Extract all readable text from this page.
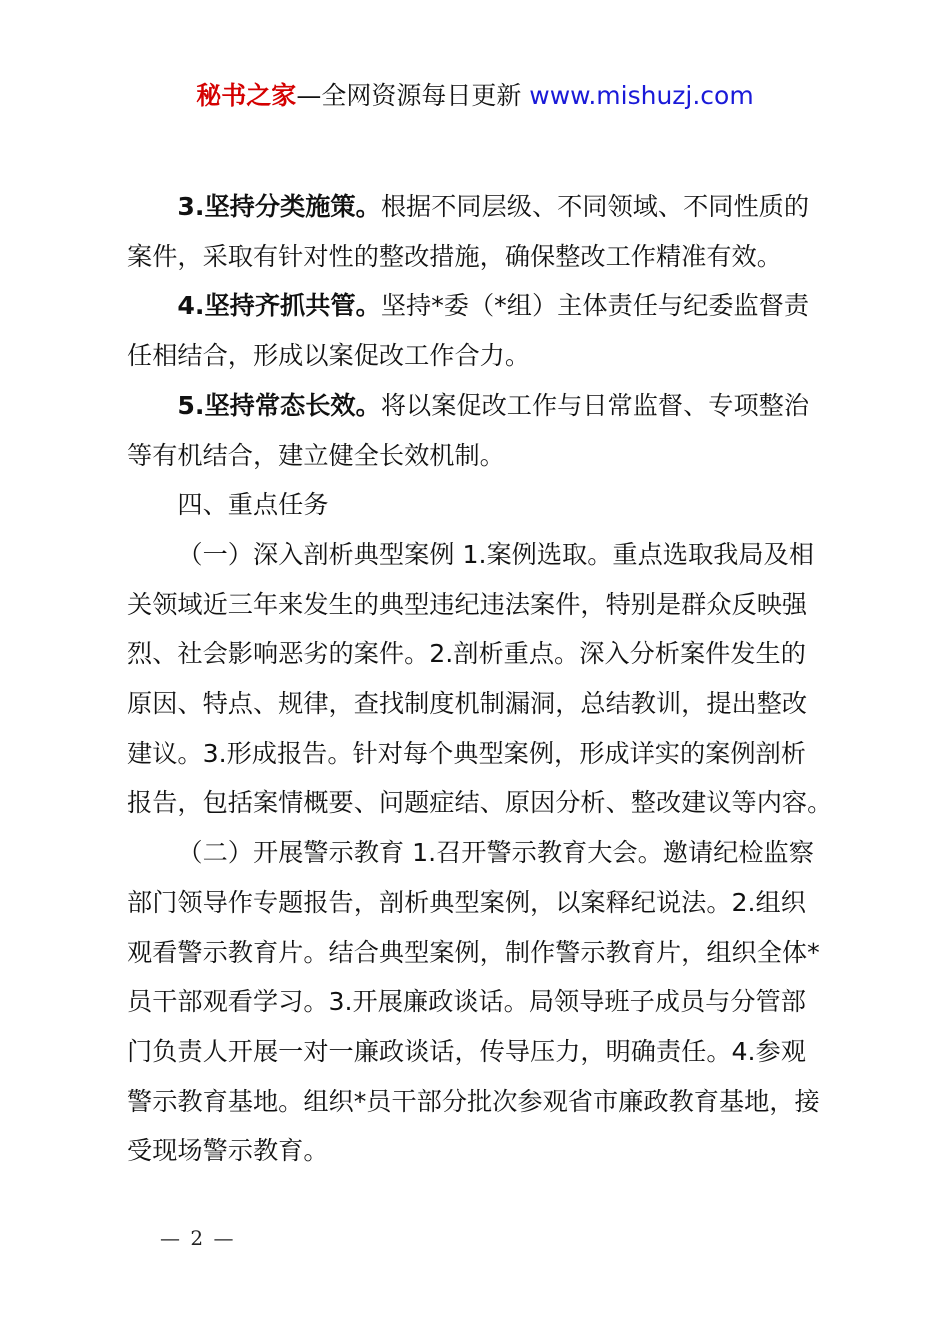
秘书之家—全网资源每日更新 www.mishuzj.com

3.坚持分类施策。根据不同层级、不同领域、不同性质的
案件，采取有针对性的整改措施，确保整改工作精准有效。

4.坚持齐抓共管。坚持*委（*组）主体责任与纪委监督责
任相结合，形成以案促改工作合力。

5.坚持常态长效。将以案促改工作与日常监督、专项整治
等有机结合，建立健全长效机制。

四、重点任务

（一）深入剖析典型案例 1.案例选取。重点选取我局及相
关领域近三年来发生的典型违纪违法案件，特别是群众反映强
烈、社会影响恶劣的案件。2.剖析重点。深入分析案件发生的
原因、特点、规律，查找制度机制漏洞，总结教训，提出整改
建议。3.形成报告。针对每个典型案例，形成详实的案例剖析
报告，包括案情概要、问题症结、原因分析、整改建议等内容。

（二）开展警示教育 1.召开警示教育大会。邀请纪检监察
部门领导作专题报告，剖析典型案例，以案释纪说法。2.组织
观看警示教育片。结合典型案例，制作警示教育片，组织全体*
员干部观看学习。3.开展廉政谈话。局领导班子成员与分管部
门负责人开展一对一廉政谈话，传导压力，明确责任。4.参观
警示教育基地。组织*员干部分批次参观省市廉政教育基地，接
受现场警示教育。

— 2 —
